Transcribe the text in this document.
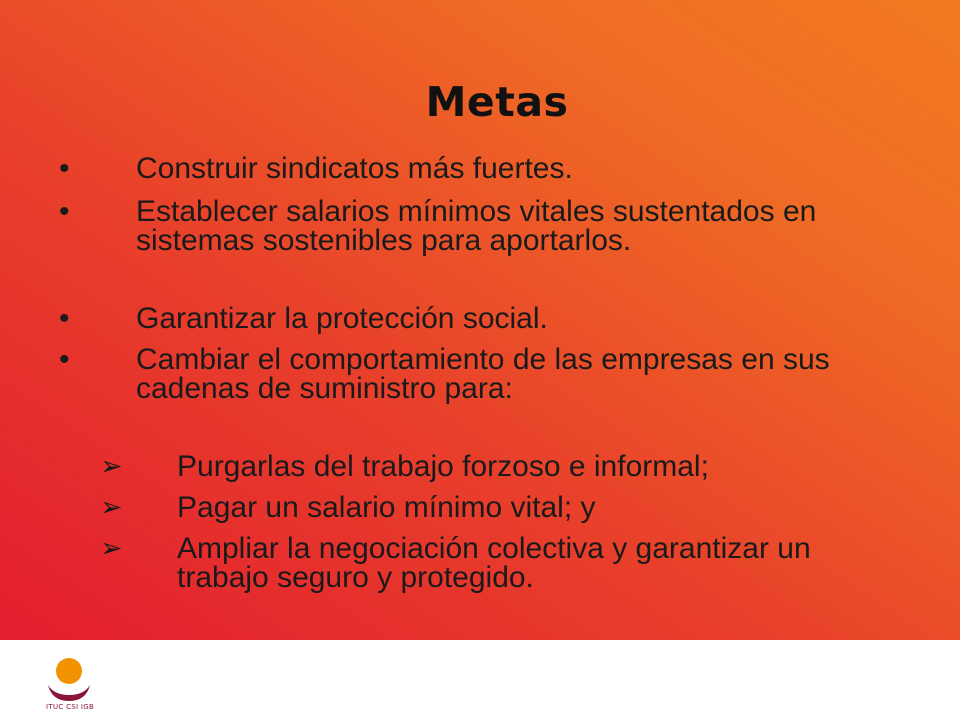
Metas
• Construir sindicatos más fuertes.
• Establecer salarios mínimos vitales sustentados en sistemas sostenibles para aportarlos.
• Garantizar la protección social.
• Cambiar el comportamiento de las empresas en sus cadenas de suministro para:
➢ Purgarlas del trabajo forzoso e informal;
➢ Pagar un salario mínimo vital; y
➢ Ampliar la negociación colectiva y garantizar un trabajo seguro y protegido.
ITUC CSI IGB
